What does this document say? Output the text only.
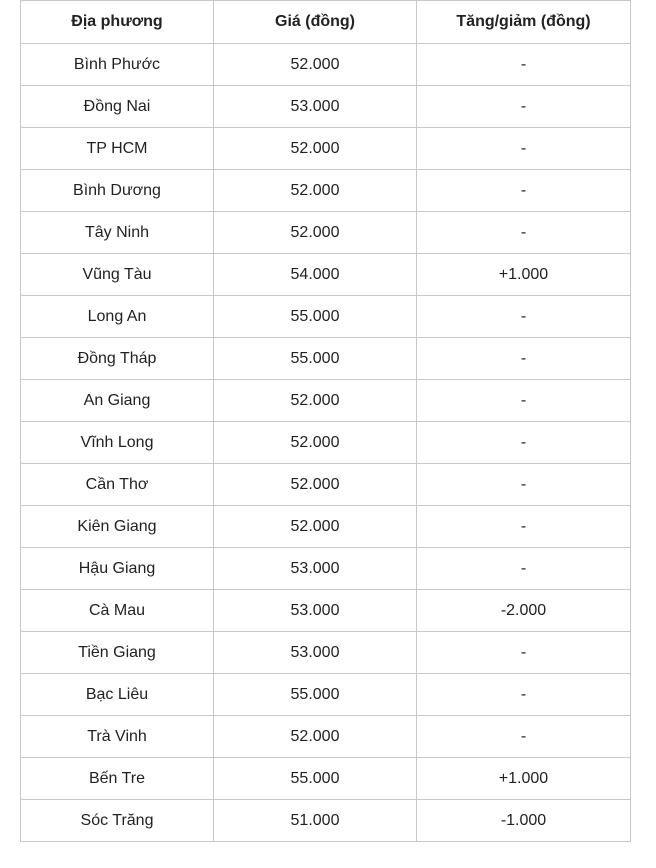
Địa phương	Giá (đồng)	Tăng/giảm (đồng)
Bình Phước	52.000	-
Đồng Nai	53.000	-
TP HCM	52.000	-
Bình Dương	52.000	-
Tây Ninh	52.000	-
Vũng Tàu	54.000	+1.000
Long An	55.000	-
Đồng Tháp	55.000	-
An Giang	52.000	-
Vĩnh Long	52.000	-
Cần Thơ	52.000	-
Kiên Giang	52.000	-
Hậu Giang	53.000	-
Cà Mau	53.000	-2.000
Tiền Giang	53.000	-
Bạc Liêu	55.000	-
Trà Vinh	52.000	-
Bến Tre	55.000	+1.000
Sóc Trăng	51.000	-1.000
